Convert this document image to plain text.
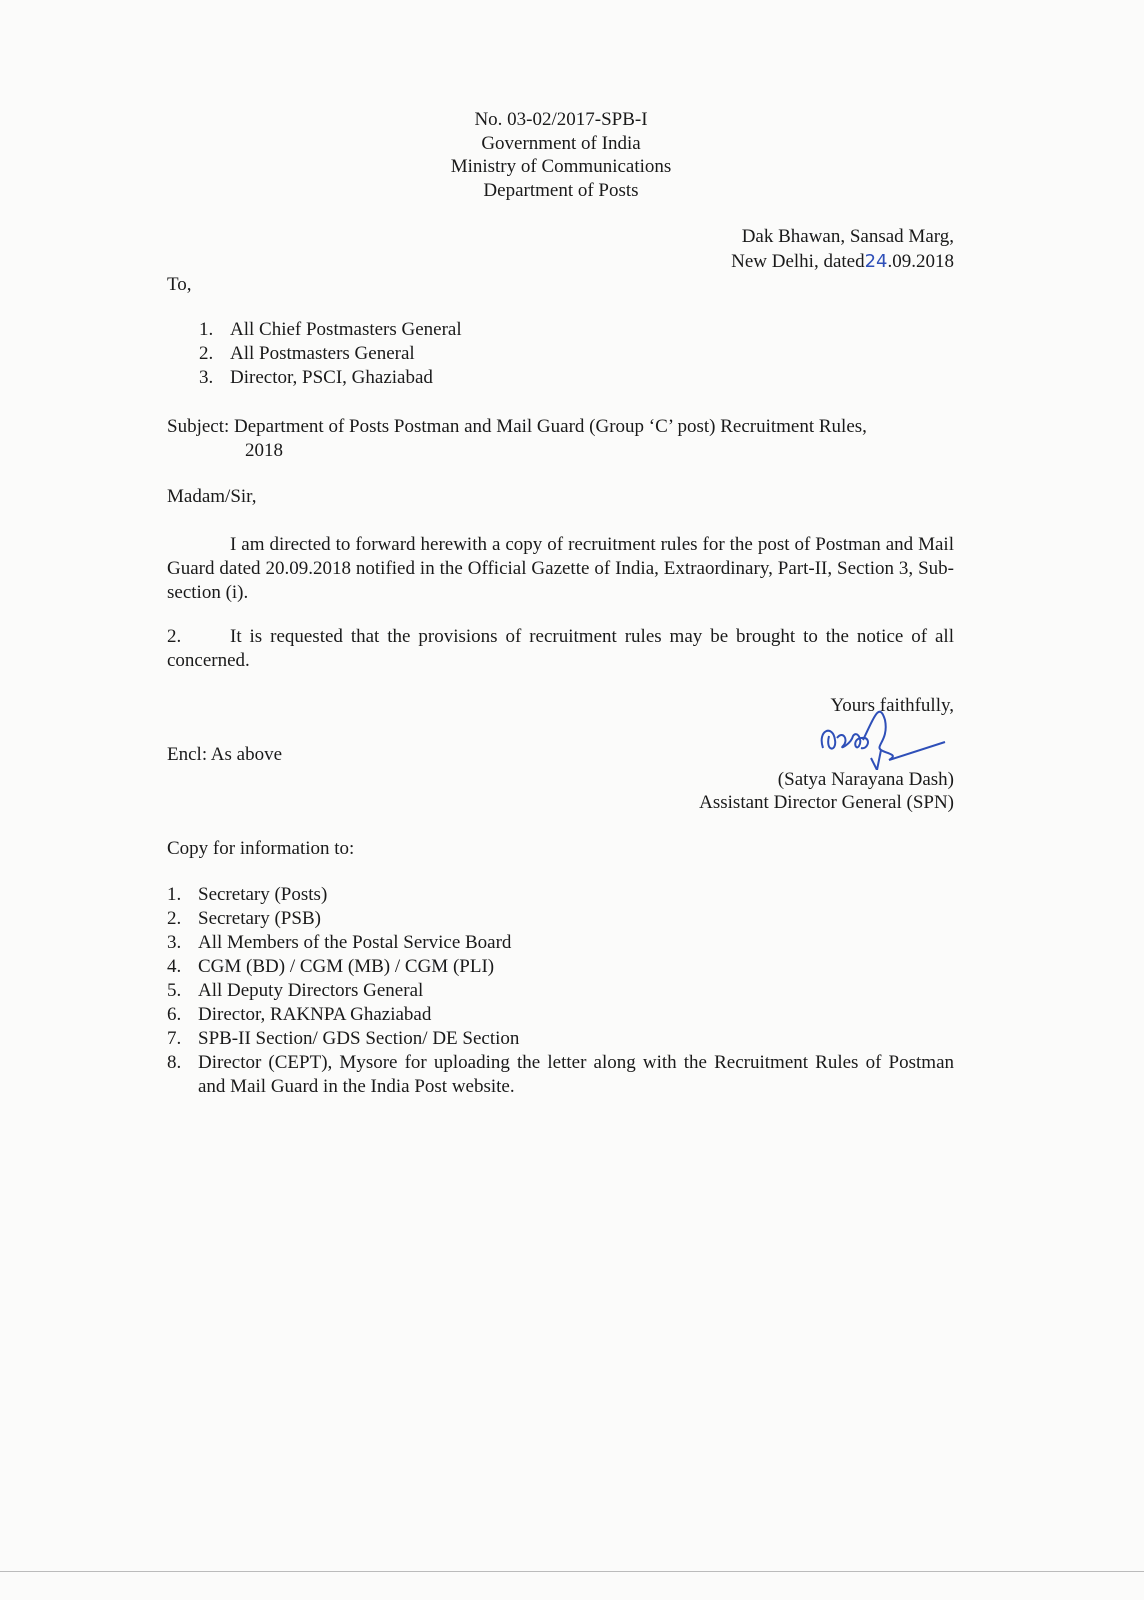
No. 03-02/2017-SPB-I
Government of India
Ministry of Communications
Department of Posts
Dak Bhawan, Sansad Marg,
New Delhi, dated24.09.2018
To,
1. All Chief Postmasters General
2. All Postmasters General
3. Director, PSCI, Ghaziabad
Subject: Department of Posts Postman and Mail Guard (Group ‘C’ post) Recruitment Rules,
2018
Madam/Sir,
I am directed to forward herewith a copy of recruitment rules for the post of Postman and Mail Guard dated 20.09.2018 notified in the Official Gazette of India, Extraordinary, Part-II, Section 3, Sub-section (i).
2.	It is requested that the provisions of recruitment rules may be brought to the notice of all concerned.
Yours faithfully,
Encl: As above
(Satya Narayana Dash)
Assistant Director General (SPN)
Copy for information to:
1. Secretary (Posts)
2. Secretary (PSB)
3. All Members of the Postal Service Board
4. CGM (BD) / CGM (MB) / CGM (PLI)
5. All Deputy Directors General
6. Director, RAKNPA Ghaziabad
7. SPB-II Section/ GDS Section/ DE Section
8. Director (CEPT), Mysore for uploading the letter along with the Recruitment Rules of Postman and Mail Guard in the India Post website.
